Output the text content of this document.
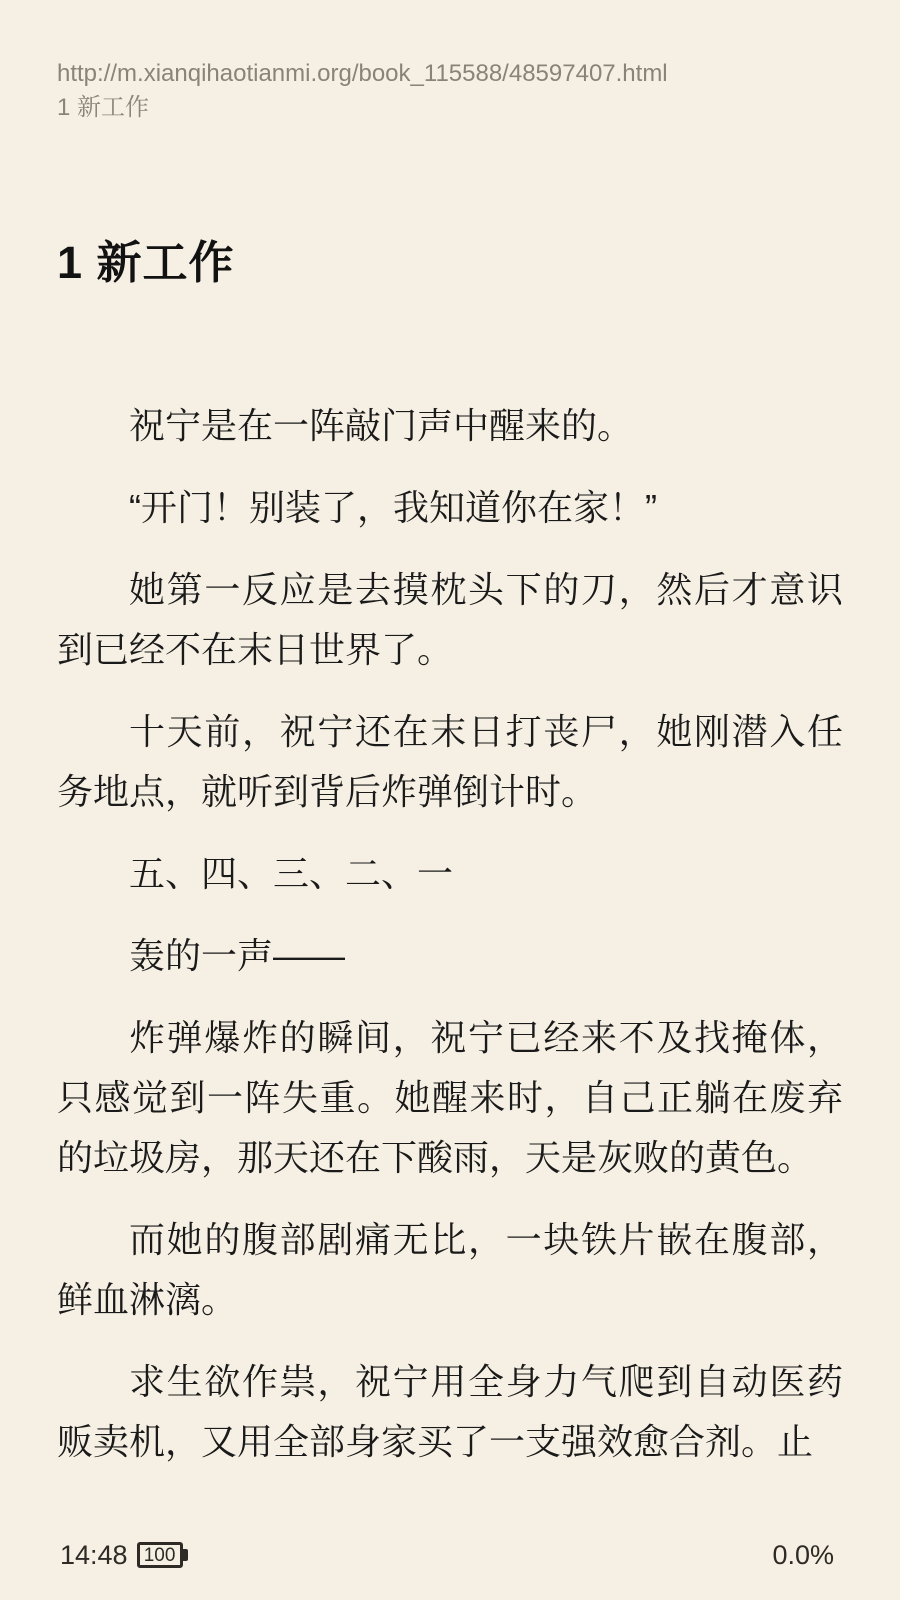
http://m.xianqihaotianmi.org/book_115588/48597407.html
1 新工作
1 新工作

祝宁是在一阵敲门声中醒来的。

“开门！别装了，我知道你在家！”

她第一反应是去摸枕头下的刀，然后才意识到已经不在末日世界了。

十天前，祝宁还在末日打丧尸，她刚潜入任务地点，就听到背后炸弹倒计时。

五、四、三、二、一

轰的一声——

炸弹爆炸的瞬间，祝宁已经来不及找掩体，只感觉到一阵失重。她醒来时，自己正躺在废弃的垃圾房，那天还在下酸雨，天是灰败的黄色。

而她的腹部剧痛无比，一块铁片嵌在腹部，鲜血淋漓。

求生欲作祟，祝宁用全身力气爬到自动医药贩卖机，又用全部身家买了一支强效愈合剂。止

14:48 100	0.0%
